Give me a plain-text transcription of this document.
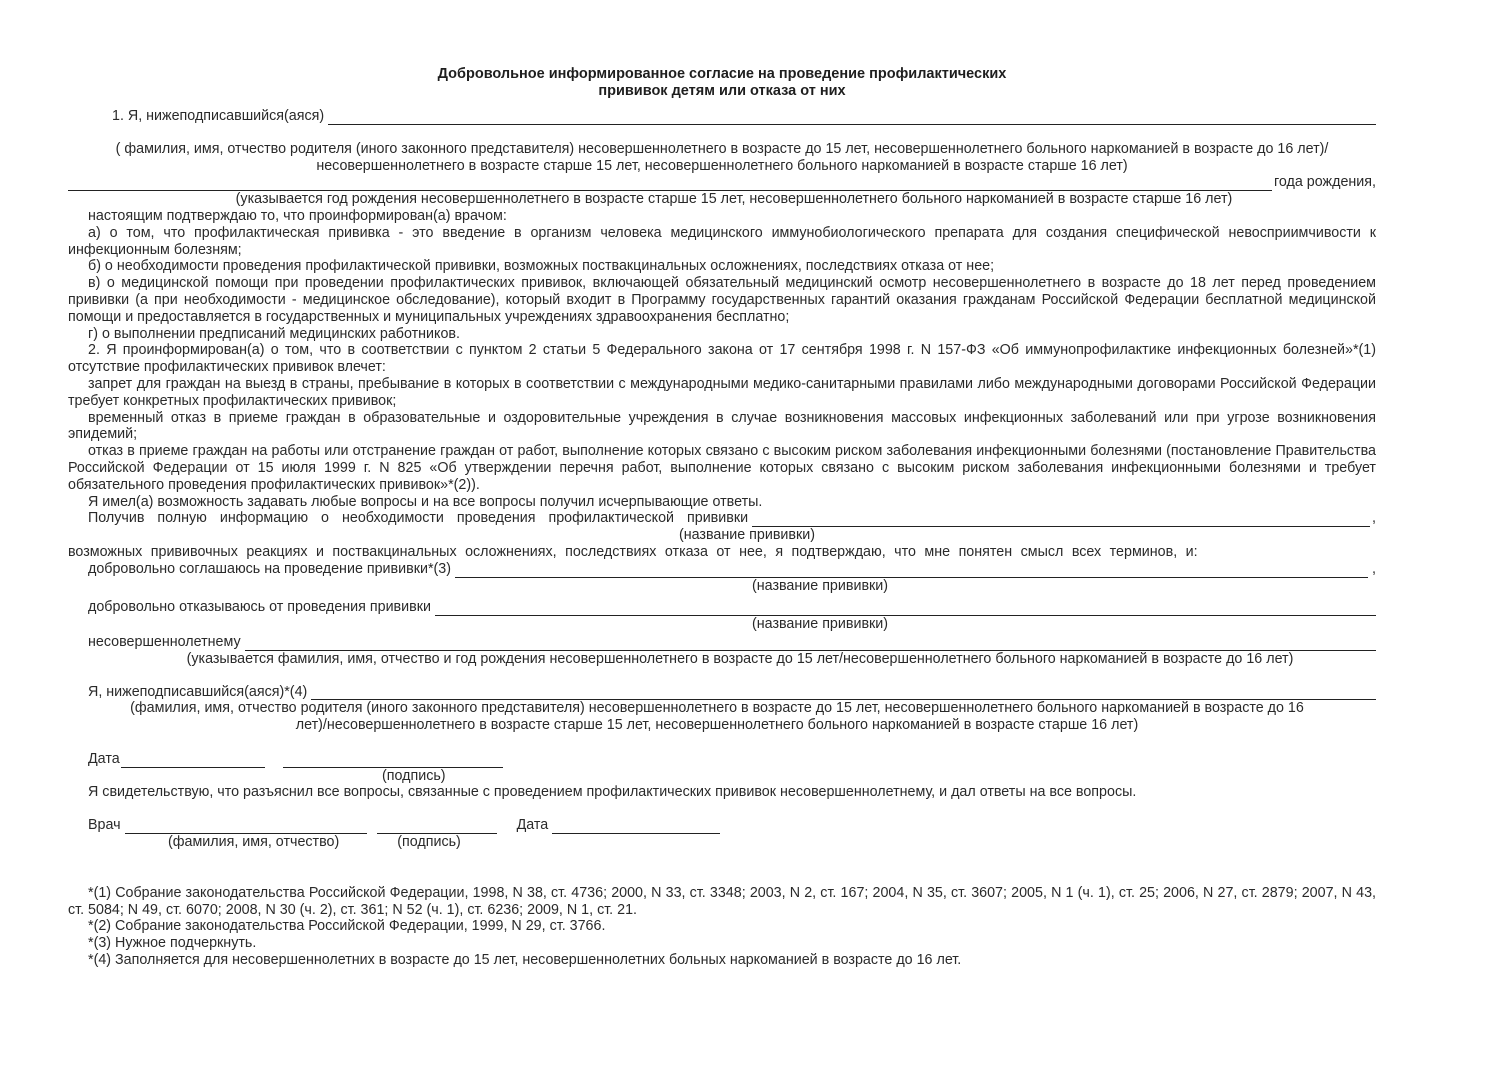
Добровольное информированное согласие на проведение профилактических
прививок детям или отказа от них
1. Я, нижеподписавшийся(аяся)
( фамилия, имя, отчество родителя (иного законного представителя) несовершеннолетнего в возрасте до 15 лет, несовершеннолетнего больного наркоманией в возрасте до 16 лет)/несовершеннолетнего в возрасте старше 15 лет, несовершеннолетнего больного наркоманией в возрасте старше 16 лет)
года рождения,
(указывается год рождения несовершеннолетнего в возрасте старше 15 лет, несовершеннолетнего больного наркоманией в возрасте старше 16 лет)

настоящим подтверждаю то, что проинформирован(а) врачом:

а) о том, что профилактическая прививка - это введение в организм человека медицинского иммунобиологического препарата для создания специфической невосприимчивости к инфекционным болезням;

б) о необходимости проведения профилактической прививки, возможных поствакцинальных осложнениях, последствиях отказа от нее;

в) о медицинской помощи при проведении профилактических прививок, включающей обязательный медицинский осмотр несовершеннолетнего в возрасте до 18 лет перед проведением прививки (а при необходимости - медицинское обследование), который входит в Программу государственных гарантий оказания гражданам Российской Федерации бесплатной медицинской помощи и предоставляется в государственных и муниципальных учреждениях здравоохранения бесплатно;

г) о выполнении предписаний медицинских работников.

2. Я проинформирован(а) о том, что в соответствии с пунктом 2 статьи 5 Федерального закона от 17 сентября 1998 г. N 157-ФЗ «Об иммунопрофилактике инфекционных болезней»*(1) отсутствие профилактических прививок влечет:

запрет для граждан на выезд в страны, пребывание в которых в соответствии с международными медико-санитарными правилами либо международными договорами Российской Федерации требует конкретных профилактических прививок;

временный отказ в приеме граждан в образовательные и оздоровительные учреждения в случае возникновения массовых инфекционных заболеваний или при угрозе возникновения эпидемий;

отказ в приеме граждан на работы или отстранение граждан от работ, выполнение которых связано с высоким риском заболевания инфекционными болезнями (постановление Правительства Российской Федерации от 15 июля 1999 г. N 825 «Об утверждении перечня работ, выполнение которых связано с высоким риском заболевания инфекционными болезнями и требует обязательного проведения профилактических прививок»*(2)).

Я имел(а) возможность задавать любые вопросы и на все вопросы получил исчерпывающие ответы.

Получив полную информацию о необходимости проведения профилактической прививки	,
(название прививки)

возможных прививочных реакциях и поствакцинальных осложнениях, последствиях отказа от нее, я подтверждаю, что мне понятен смысл всех терминов, и:

добровольно соглашаюсь на проведение прививки*(3)	,
(название прививки)
добровольно отказываюсь от проведения прививки
(название прививки)
несовершеннолетнему
(указывается фамилия, имя, отчество и год рождения несовершеннолетнего в возрасте до 15 лет/несовершеннолетнего больного наркоманией в возрасте до 16 лет)
Я, нижеподписавшийся(аяся)*(4)
(фамилия, имя, отчество родителя (иного законного представителя) несовершеннолетнего в возрасте до 15 лет, несовершеннолетнего больного наркоманией в возрасте до 16 лет)/несовершеннолетнего в возрасте старше 15 лет, несовершеннолетнего больного наркоманией в возрасте старше 16 лет)
Дата
(подпись)

Я свидетельствую, что разъяснил все вопросы, связанные с проведением профилактических прививок несовершеннолетнему, и дал ответы на все вопросы.

Врач	Дата
(фамилия, имя, отчество)	(подпись)

*(1) Собрание законодательства Российской Федерации, 1998, N 38, ст. 4736; 2000, N 33, ст. 3348; 2003, N 2, ст. 167; 2004, N 35, ст. 3607; 2005, N 1 (ч. 1), ст. 25; 2006, N 27, ст. 2879; 2007, N 43, ст. 5084; N 49, ст. 6070; 2008, N 30 (ч. 2), ст. 361; N 52 (ч. 1), ст. 6236; 2009, N 1, ст. 21.

*(2) Собрание законодательства Российской Федерации, 1999, N 29, ст. 3766.

*(3) Нужное подчеркнуть.

*(4) Заполняется для несовершеннолетних в возрасте до 15 лет, несовершеннолетних больных наркоманией в возрасте до 16 лет.
